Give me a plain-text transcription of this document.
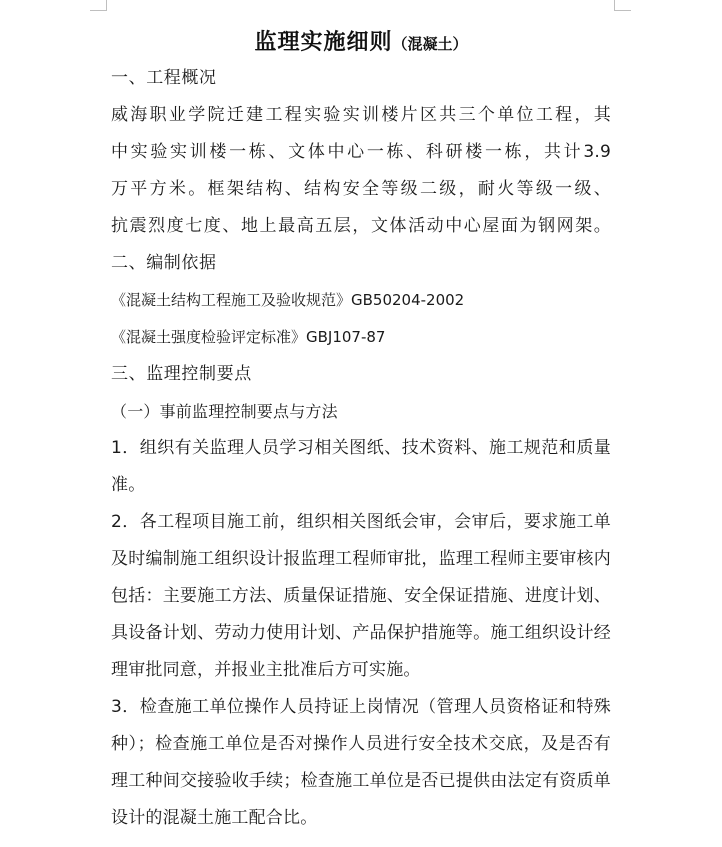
监理实施细则（混凝土）
一、工程概况
威海职业学院迁建工程实验实训楼片区共三个单位工程，其
中实验实训楼一栋、文体中心一栋、科研楼一栋，共计3.9
万平方米。框架结构、结构安全等级二级，耐火等级一级、
抗震烈度七度、地上最高五层，文体活动中心屋面为钢网架。
二、编制依据
《混凝土结构工程施工及验收规范》GB50204-2002
《混凝土强度检验评定标准》GBJ107-87
三、监理控制要点
（一）事前监理控制要点与方法
1．组织有关监理人员学习相关图纸、技术资料、施工规范和质量
准。
2．各工程项目施工前，组织相关图纸会审，会审后，要求施工单
及时编制施工组织设计报监理工程师审批，监理工程师主要审核内
包括：主要施工方法、质量保证措施、安全保证措施、进度计划、
具设备计划、劳动力使用计划、产品保护措施等。施工组织设计经
理审批同意，并报业主批准后方可实施。
3．检查施工单位操作人员持证上岗情况（管理人员资格证和特殊
种）；检查施工单位是否对操作人员进行安全技术交底，及是否有
理工种间交接验收手续；检查施工单位是否已提供由法定有资质单
设计的混凝土施工配合比。
